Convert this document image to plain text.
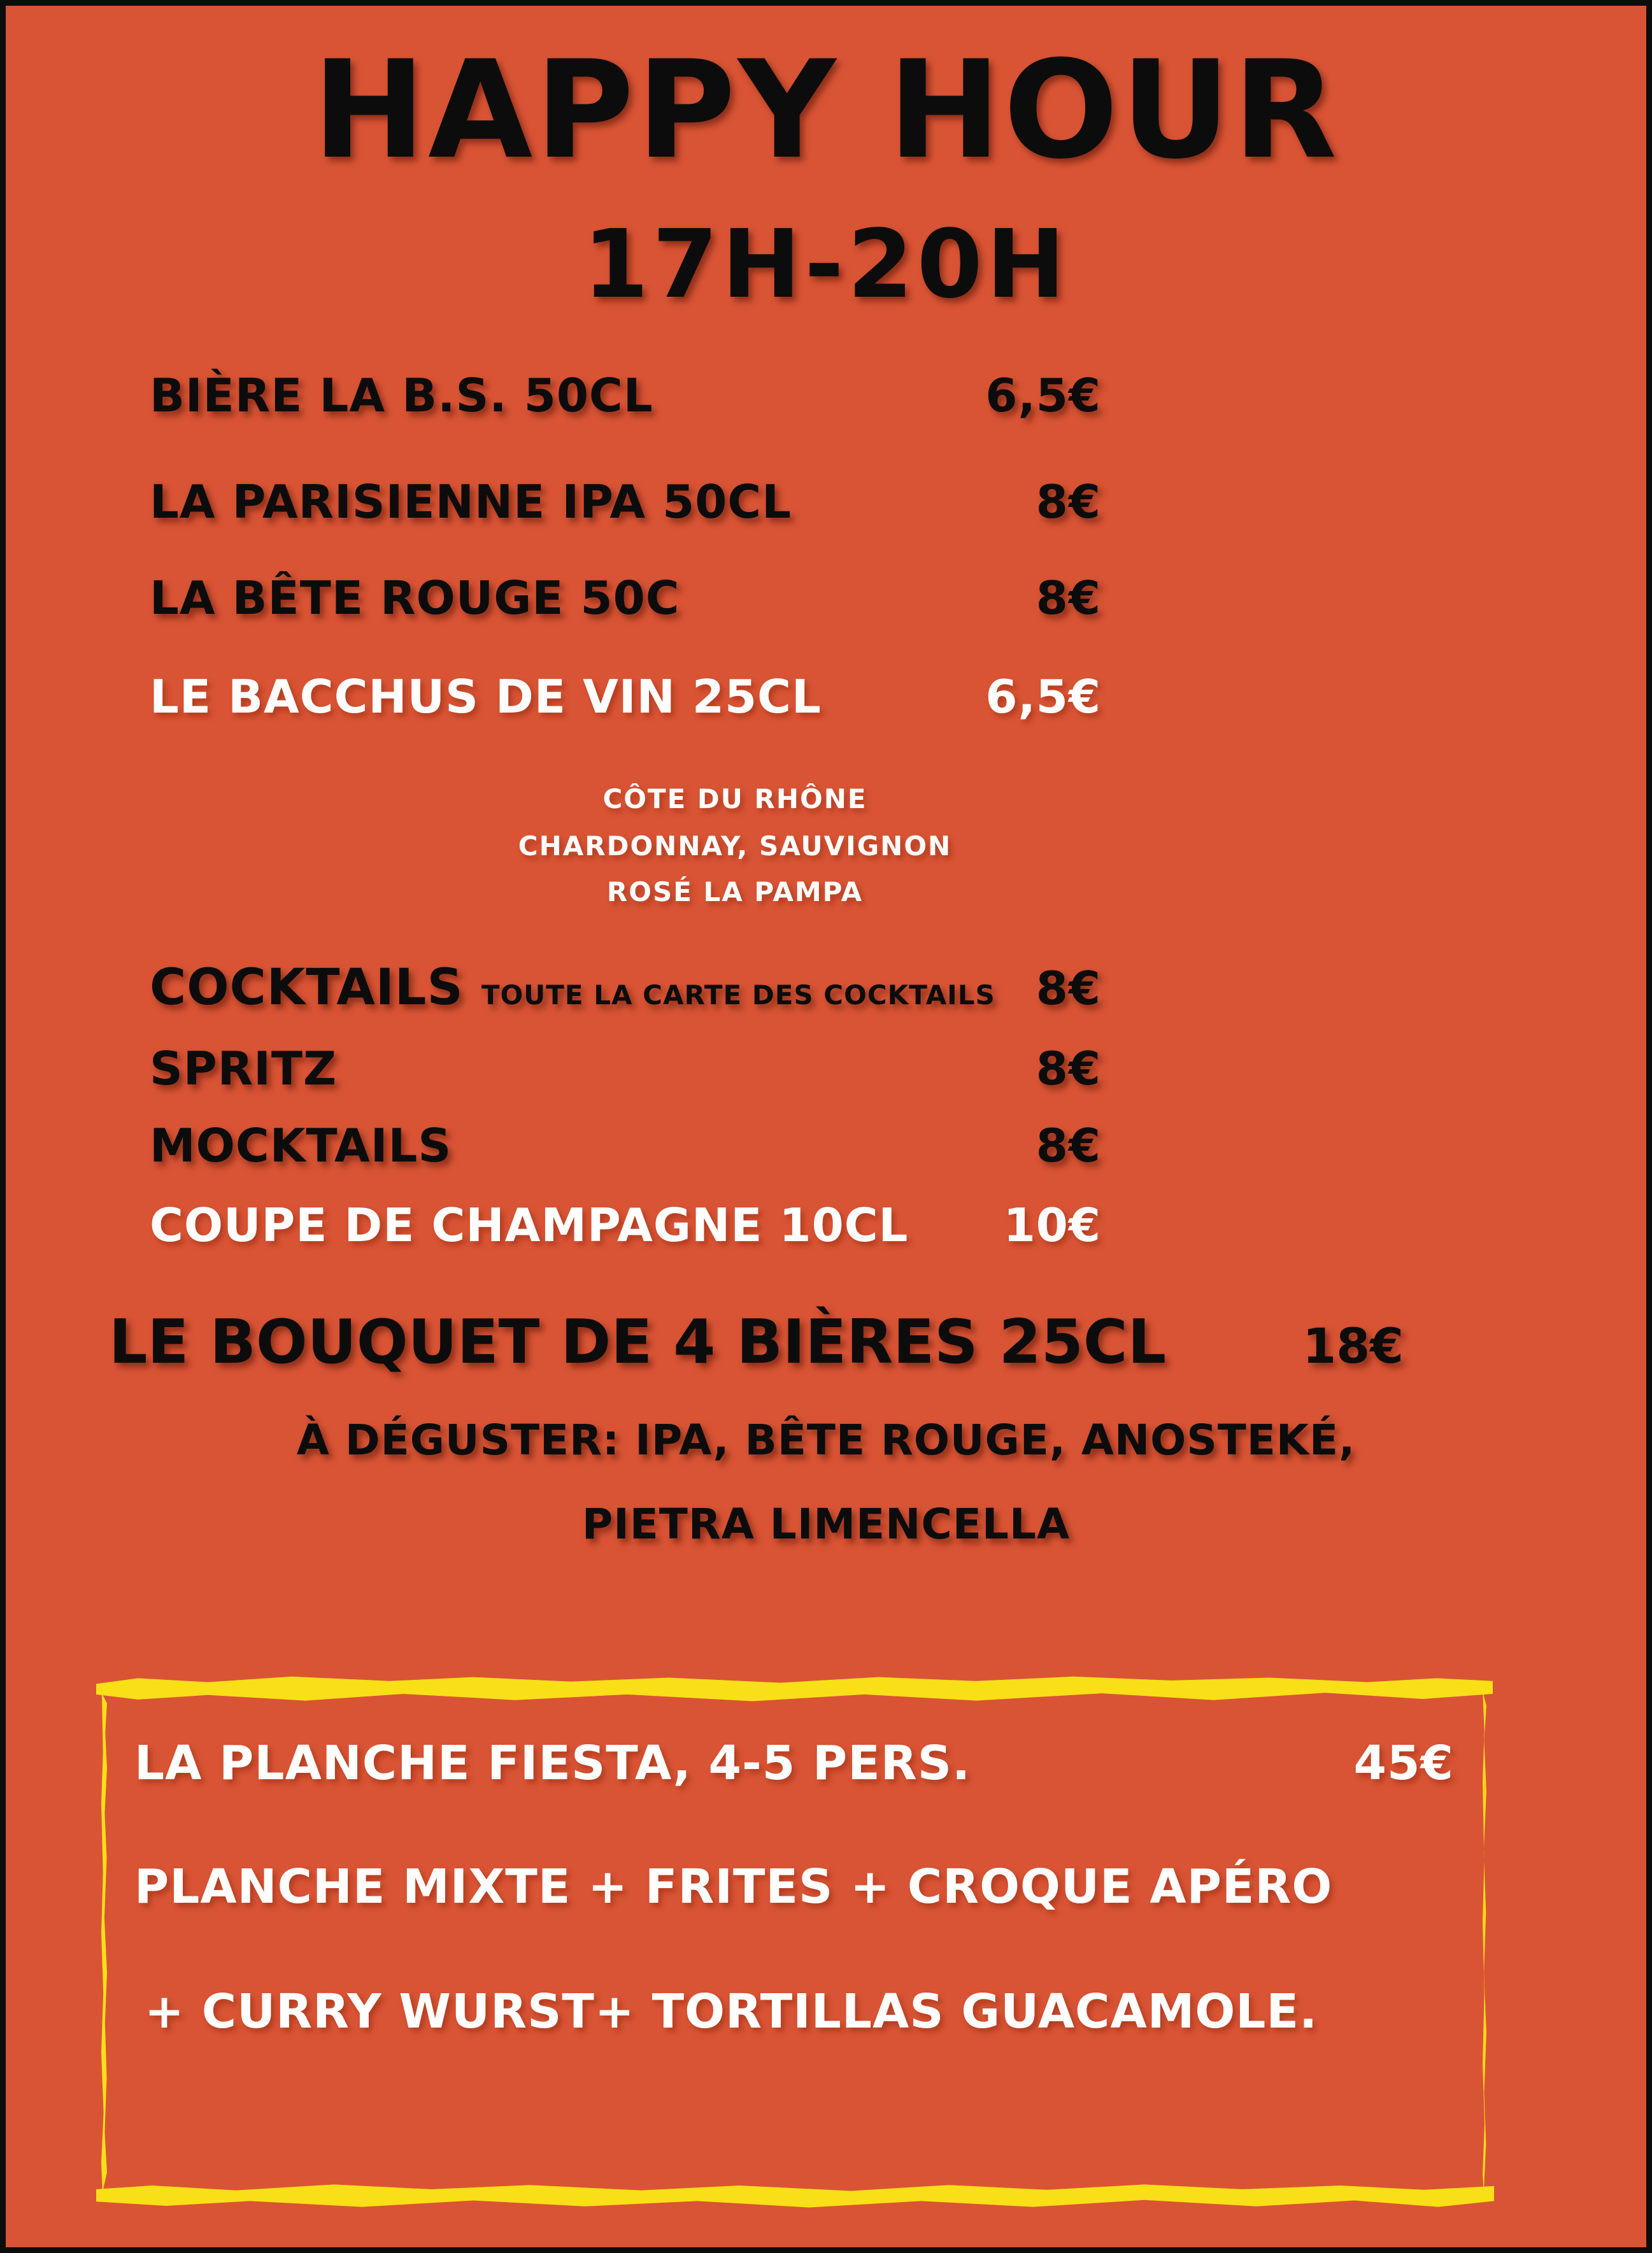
HAPPY HOUR
17H-20H
BIÈRE LA B.S. 50CL	6,5€
LA PARISIENNE IPA 50CL	8€
LA BÊTE ROUGE 50C	8€
LE BACCHUS DE VIN 25CL	6,5€
CÔTE DU RHÔNE
CHARDONNAY, SAUVIGNON
ROSÉ LA PAMPA
COCKTAILS TOUTE LA CARTE DES COCKTAILS 8€
SPRITZ	8€
MOCKTAILS	8€
COUPE DE CHAMPAGNE 10CL 10€
LE BOUQUET DE 4 BIÈRES 25CL	18€
À DÉGUSTER: IPA, BÊTE ROUGE, ANOSTEKÉ,
PIETRA LIMENCELLA
LA PLANCHE FIESTA, 4-5 PERS.	45€
PLANCHE MIXTE + FRITES + CROQUE APÉRO
+ CURRY WURST+ TORTILLAS GUACAMOLE.
